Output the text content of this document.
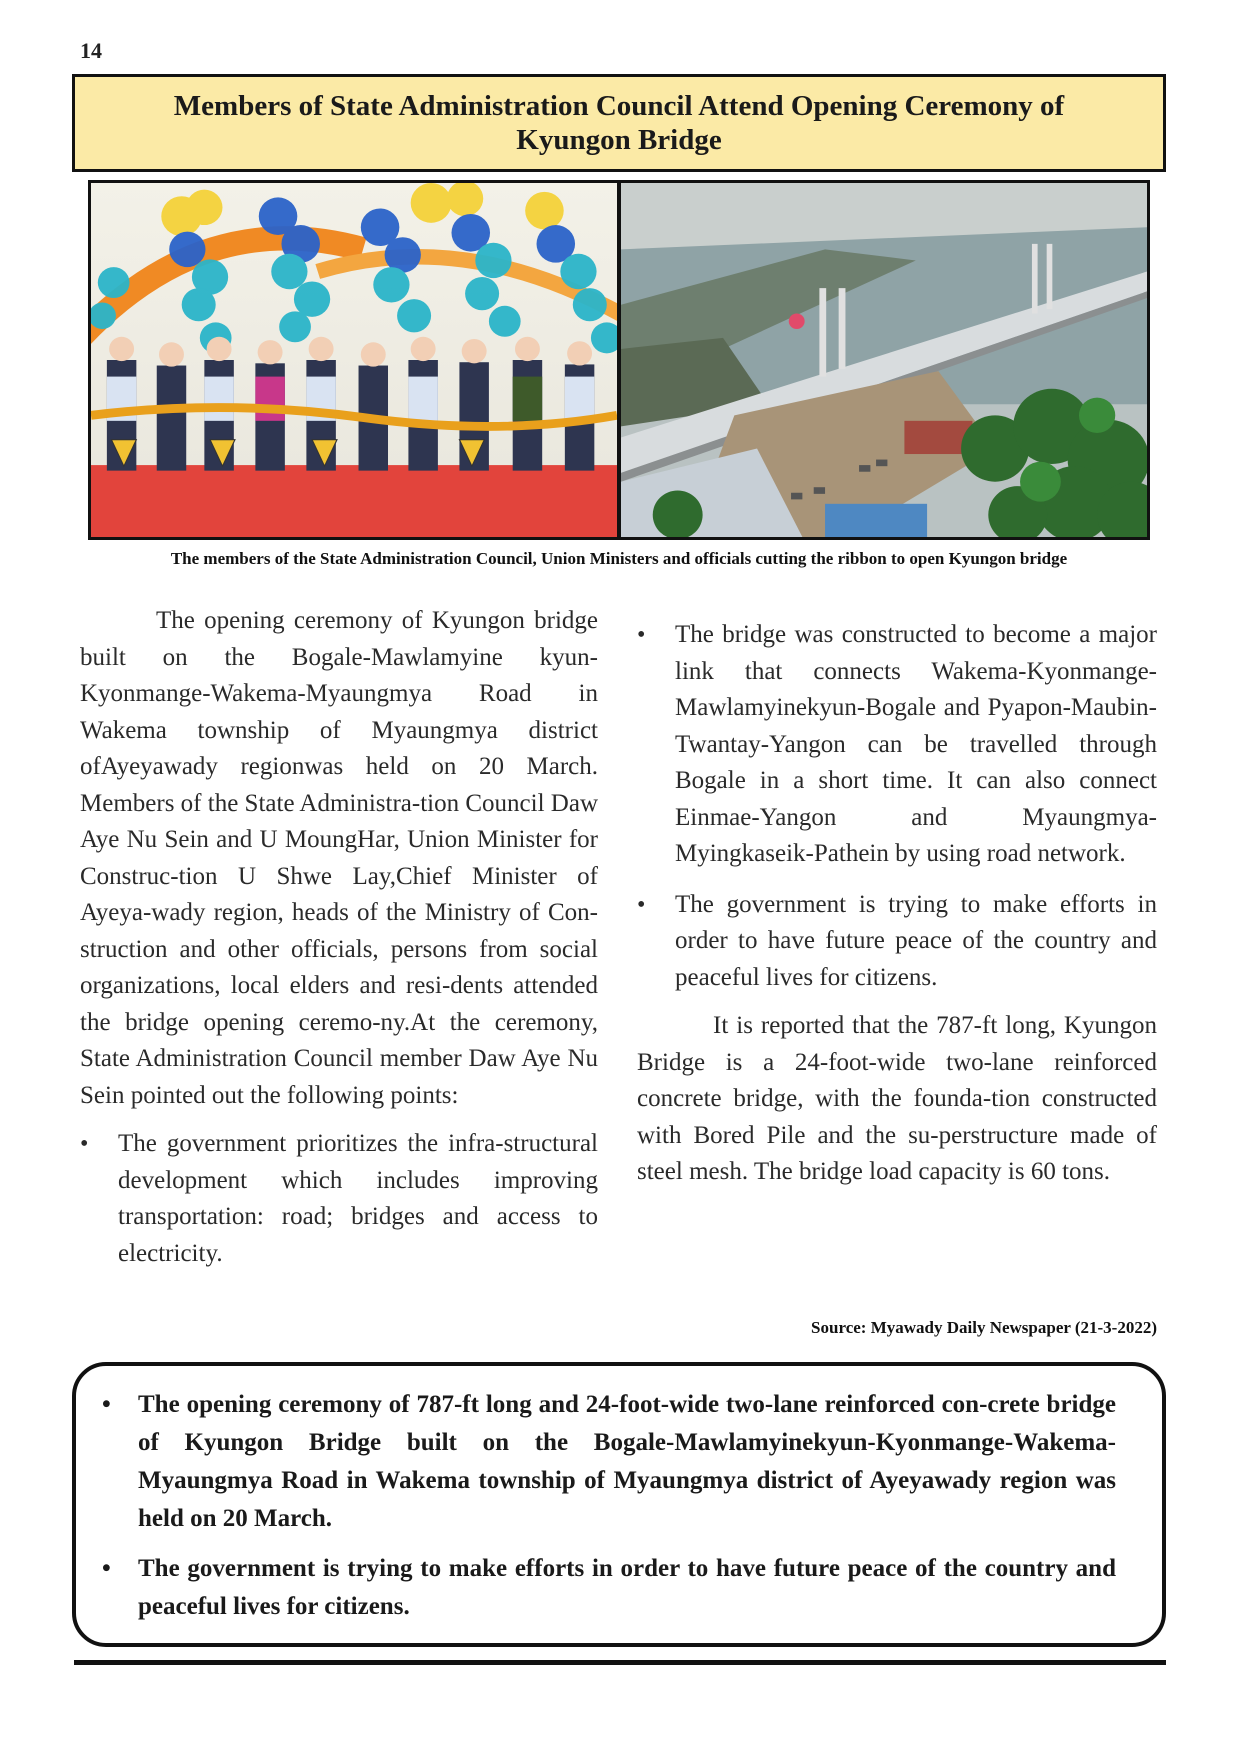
14
Members of State Administration Council Attend Opening Ceremony of Kyungon Bridge
The members of the State Administration Council, Union Ministers and officials cutting the ribbon to open Kyungon bridge

The opening ceremony of Kyungon bridge built on the Bogale-Mawlamyine kyun-Kyonmange-Wakema-Myaungmya Road in Wakema township of Myaungmya district ofAyeyawady regionwas held on 20 March. Members of the State Administra-tion Council Daw Aye Nu Sein and U MoungHar, Union Minister for Construc-tion U Shwe Lay,Chief Minister of Ayeya-wady region, heads of the Ministry of Con-struction and other officials, persons from social organizations, local elders and resi-dents attended the bridge opening ceremo-ny.At the ceremony, State Administration Council member Daw Aye Nu Sein pointed out the following points:

• The government prioritizes the infra-structural development which includes improving transportation: road; bridges and access to electricity.
• The bridge was constructed to become a major link that connects Wakema-Kyonmange-Mawlamyinekyun-Bogale and Pyapon-Maubin-Twantay-Yangon can be travelled through Bogale in a short time. It can also connect Einmae-Yangon and Myaungmya-Myingkaseik-Pathein by using road network.
• The government is trying to make efforts in order to have future peace of the country and peaceful lives for citizens.

It is reported that the 787-ft long, Kyungon Bridge is a 24-foot-wide two-lane reinforced concrete bridge, with the founda-tion constructed with Bored Pile and the su-perstructure made of steel mesh. The bridge load capacity is 60 tons.

Source: Myawady Daily Newspaper (21-3-2022)
• The opening ceremony of 787-ft long and 24-foot-wide two-lane reinforced con-crete bridge of Kyungon Bridge built on the Bogale-Mawlamyinekyun-Kyonmange-Wakema-Myaungmya Road in Wakema township of Myaungmya district of Ayeyawady region was held on 20 March.
• The government is trying to make efforts in order to have future peace of the country and peaceful lives for citizens.
